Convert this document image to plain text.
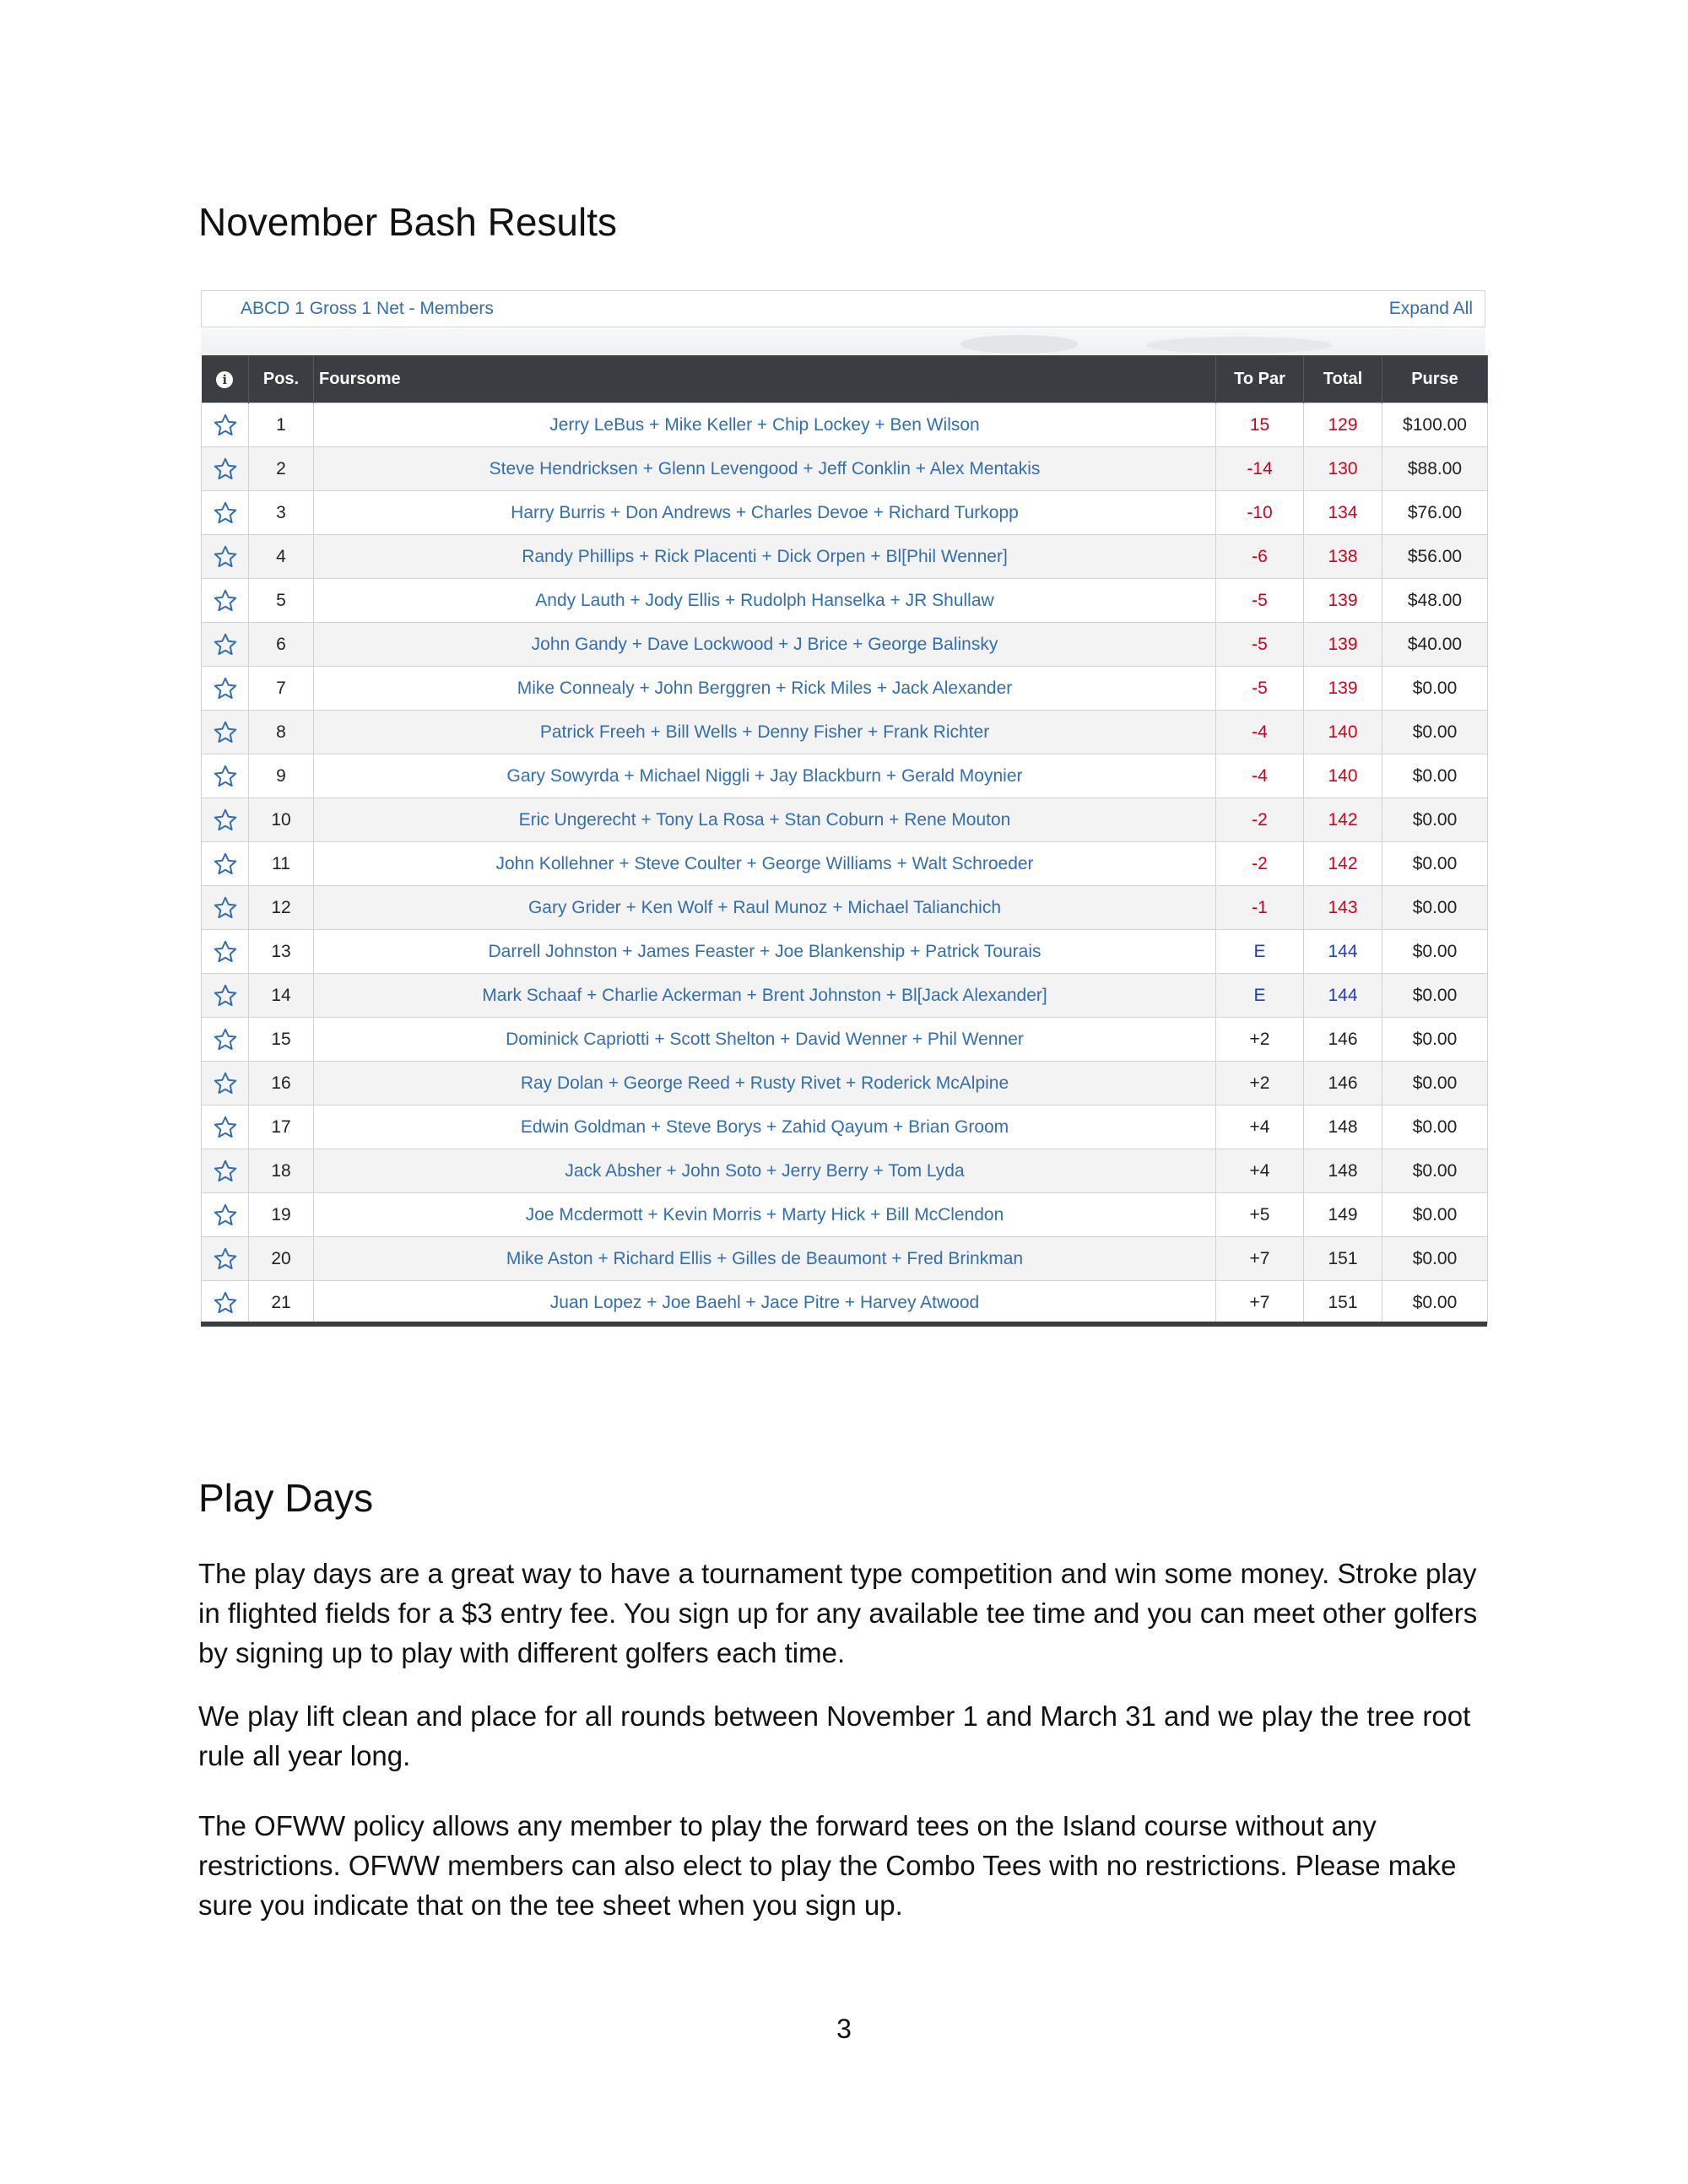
November Bash Results
ABCD 1 Gross 1 Net - Members	Expand All
i	Pos.	Foursome	To Par	Total	Purse
	1	Jerry LeBus + Mike Keller + Chip Lockey + Ben Wilson	15	129	$100.00
	2	Steve Hendricksen + Glenn Levengood + Jeff Conklin + Alex Mentakis	-14	130	$88.00
	3	Harry Burris + Don Andrews + Charles Devoe + Richard Turkopp	-10	134	$76.00
	4	Randy Phillips + Rick Placenti + Dick Orpen + Bl[Phil Wenner]	-6	138	$56.00
	5	Andy Lauth + Jody Ellis + Rudolph Hanselka + JR Shullaw	-5	139	$48.00
	6	John Gandy + Dave Lockwood + J Brice + George Balinsky	-5	139	$40.00
	7	Mike Connealy + John Berggren + Rick Miles + Jack Alexander	-5	139	$0.00
	8	Patrick Freeh + Bill Wells + Denny Fisher + Frank Richter	-4	140	$0.00
	9	Gary Sowyrda + Michael Niggli + Jay Blackburn + Gerald Moynier	-4	140	$0.00
	10	Eric Ungerecht + Tony La Rosa + Stan Coburn + Rene Mouton	-2	142	$0.00
	11	John Kollehner + Steve Coulter + George Williams + Walt Schroeder	-2	142	$0.00
	12	Gary Grider + Ken Wolf + Raul Munoz + Michael Talianchich	-1	143	$0.00
	13	Darrell Johnston + James Feaster + Joe Blankenship + Patrick Tourais	E	144	$0.00
	14	Mark Schaaf + Charlie Ackerman + Brent Johnston + Bl[Jack Alexander]	E	144	$0.00
	15	Dominick Capriotti + Scott Shelton + David Wenner + Phil Wenner	+2	146	$0.00
	16	Ray Dolan + George Reed + Rusty Rivet + Roderick McAlpine	+2	146	$0.00
	17	Edwin Goldman + Steve Borys + Zahid Qayum + Brian Groom	+4	148	$0.00
	18	Jack Absher + John Soto + Jerry Berry + Tom Lyda	+4	148	$0.00
	19	Joe Mcdermott + Kevin Morris + Marty Hick + Bill McClendon	+5	149	$0.00
	20	Mike Aston + Richard Ellis + Gilles de Beaumont + Fred Brinkman	+7	151	$0.00
	21	Juan Lopez + Joe Baehl + Jace Pitre + Harvey Atwood	+7	151	$0.00
Play Days

The play days are a great way to have a tournament type competition and win some money. Stroke play in flighted fields for a $3 entry fee. You sign up for any available tee time and you can meet other golfers by signing up to play with different golfers each time.

We play lift clean and place for all rounds between November 1 and March 31 and we play the tree root rule all year long.

The OFWW policy allows any member to play the forward tees on the Island course without any restrictions. OFWW members can also elect to play the Combo Tees with no restrictions. Please make sure you indicate that on the tee sheet when you sign up.

3
